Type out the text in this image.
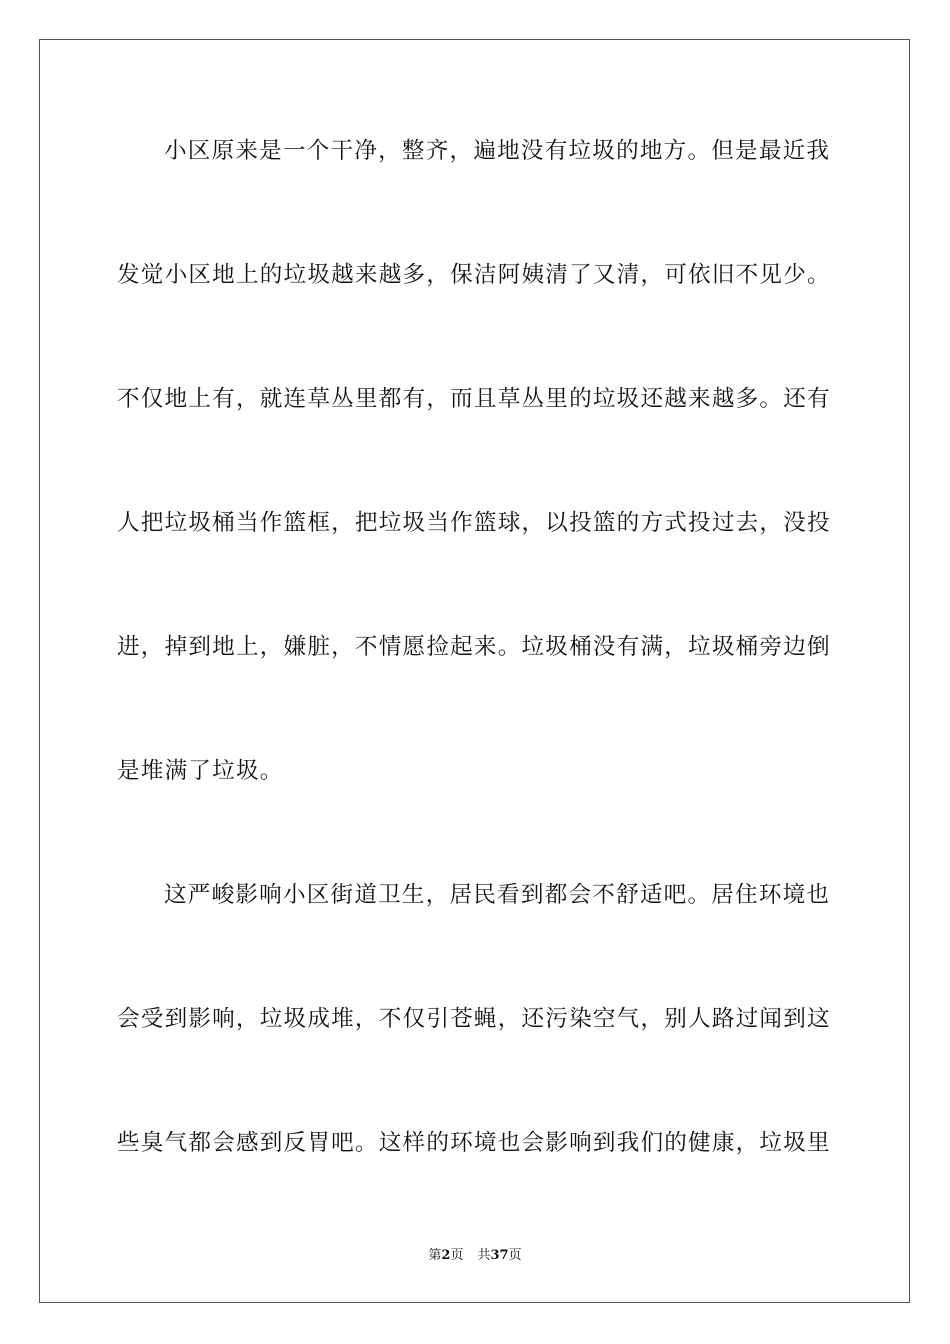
小区原来是一个干净，整齐，遍地没有垃圾的地方。但是最近我
发觉小区地上的垃圾越来越多，保洁阿姨清了又清，可依旧不见少。
不仅地上有，就连草丛里都有，而且草丛里的垃圾还越来越多。还有
人把垃圾桶当作篮框，把垃圾当作篮球，以投篮的方式投过去，没投
进，掉到地上，嫌脏，不情愿捡起来。垃圾桶没有满，垃圾桶旁边倒
是堆满了垃圾。
这严峻影响小区街道卫生，居民看到都会不舒适吧。居住环境也
会受到影响，垃圾成堆，不仅引苍蝇，还污染空气，别人路过闻到这
些臭气都会感到反胃吧。这样的环境也会影响到我们的健康，垃圾里
第2页 共37页
